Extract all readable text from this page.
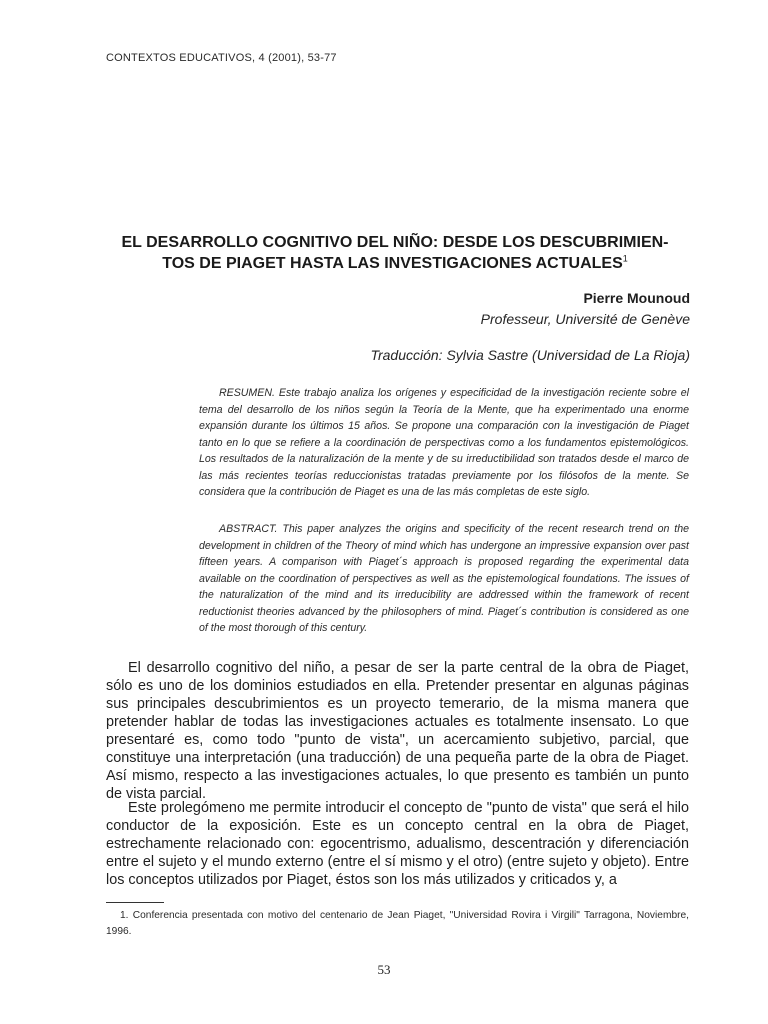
CONTEXTOS EDUCATIVOS, 4 (2001), 53-77
EL DESARROLLO COGNITIVO DEL NIÑO: DESDE LOS DESCUBRIMIEN-
TOS DE PIAGET HASTA LAS INVESTIGACIONES ACTUALES$^1$
Pierre Mounoud
Professeur, Université de Genève
Traducción: Sylvia Sastre (Universidad de La Rioja)

RESUMEN. Este trabajo analiza los orígenes y especificidad de la investigación reciente sobre el tema del desarrollo de los niños según la Teoría de la Mente, que ha experimentado una enorme expansión durante los últimos 15 años. Se propone una comparación con la investigación de Piaget tanto en lo que se refiere a la coordinación de perspectivas como a los fundamentos epistemológicos. Los resultados de la naturalización de la mente y de su irreductibilidad son tratados desde el marco de las más recientes teorías reduccionistas tratadas previamente por los filósofos de la mente. Se considera que la contribución de Piaget es una de las más completas de este siglo.

ABSTRACT. This paper analyzes the origins and specificity of the recent research trend on the development in children of the Theory of mind which has undergone an impressive expansion over past fifteen years. A comparison with Piaget´s approach is proposed regarding the experimental data available on the coordination of perspectives as well as the epistemological foundations. The issues of the naturalization of the mind and its irreducibility are addressed within the framework of recent reductionist theories advanced by the philosophers of mind. Piaget´s contribution is considered as one of the most thorough of this century.

El desarrollo cognitivo del niño, a pesar de ser la parte central de la obra de Piaget, sólo es uno de los dominios estudiados en ella. Pretender presentar en algunas páginas sus principales descubrimientos es un proyecto temerario, de la misma manera que pretender hablar de todas las investigaciones actuales es totalmente insensato. Lo que presentaré es, como todo "punto de vista", un acercamiento subjetivo, parcial, que constituye una interpretación (una traducción) de una pequeña parte de la obra de Piaget. Así mismo, respecto a las investigaciones actuales, lo que presento es también un punto de vista parcial.

Este prolegómeno me permite introducir el concepto de "punto de vista" que será el hilo conductor de la exposición. Este es un concepto central en la obra de Piaget, estrechamente relacionado con: egocentrismo, adualismo, descentración y diferenciación entre el sujeto y el mundo externo (entre el sí mismo y el otro) (entre sujeto y objeto). Entre los conceptos utilizados por Piaget, éstos son los más utilizados y criticados y, a

1. Conferencia presentada con motivo del centenario de Jean Piaget, "Universidad Rovira i Virgili" Tarragona, Noviembre, 1996.

53
